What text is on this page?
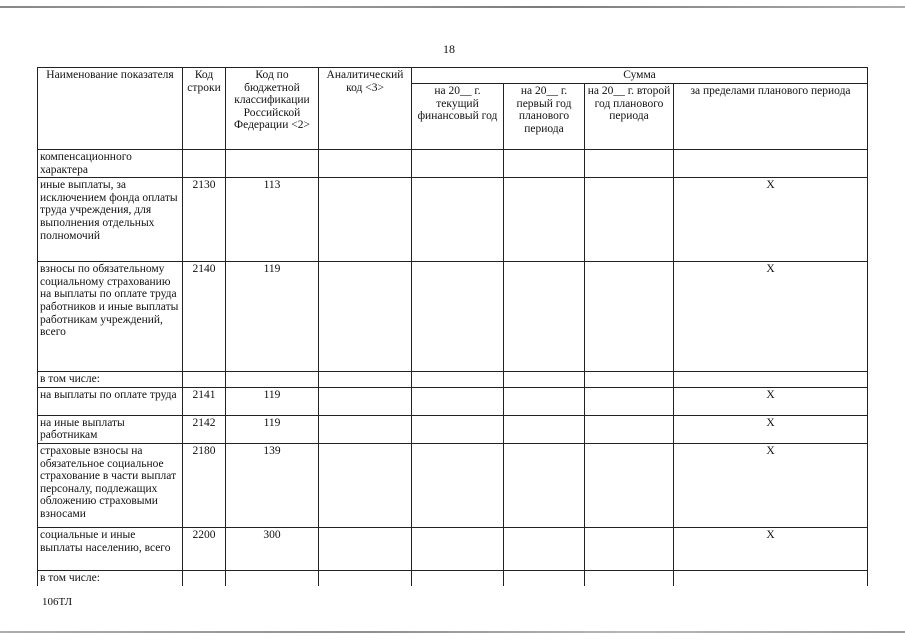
18
Наименование показателя	Код строки	Код по бюджетной классификации Российской Федерации <2>	Аналитический код <3>	Сумма			
				на 20__ г. текущий финансовый год	на 20__ г. первый год планового периода	на 20__ г. второй год планового периода	за пределами планового периода
компенсационного характера							
иные выплаты, за исключением фонда оплаты труда учреждения, для выполнения отдельных полномочий	2130	113					X
взносы по обязательному социальному страхованию на выплаты по оплате труда работников и иные выплаты работникам учреждений, всего	2140	119					X
в том числе:							
на выплаты по оплате труда	2141	119					X
на иные выплаты работникам	2142	119					X
страховые взносы на обязательное социальное страхование в части выплат персоналу, подлежащих обложению страховыми взносами	2180	139					X
социальные и иные выплаты населению, всего	2200	300					X
в том числе:							
106ТЛ
